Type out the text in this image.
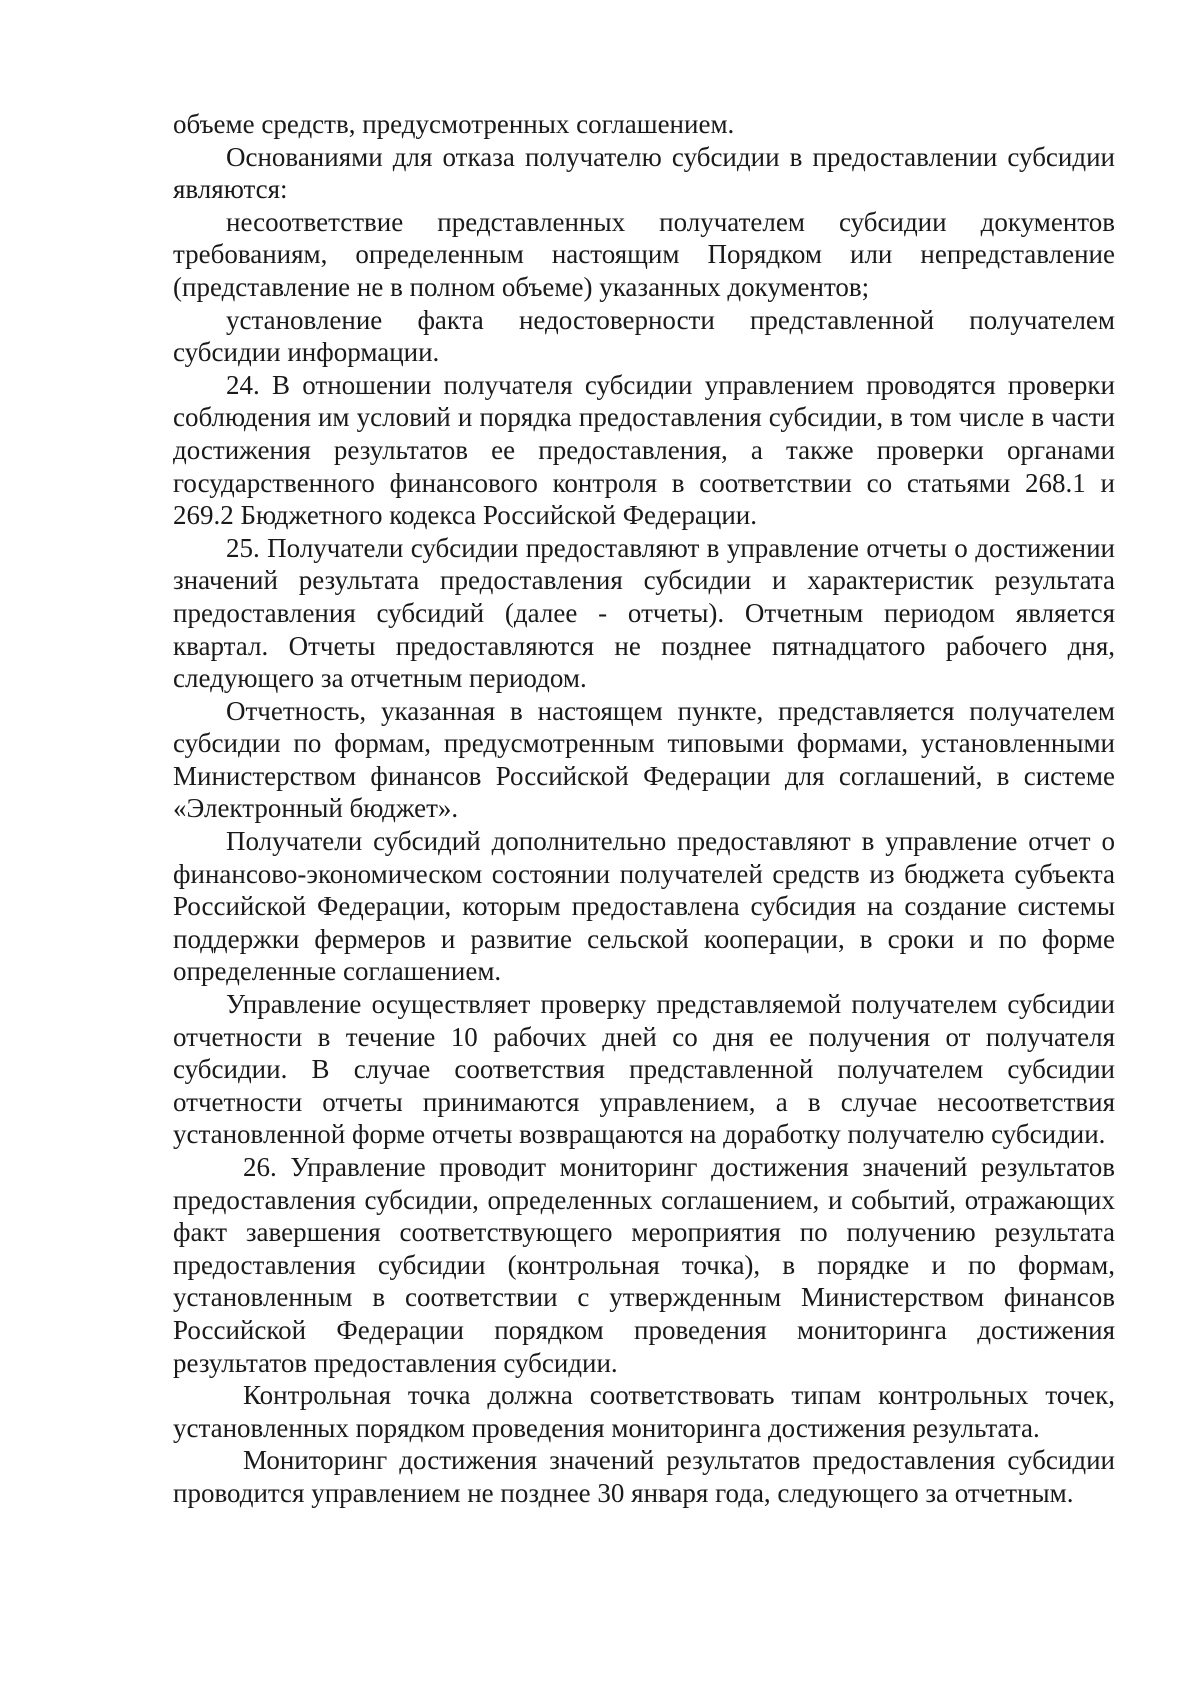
объеме средств, предусмотренных соглашением.

Основаниями для отказа получателю субсидии в предоставлении субсидии являются:

несоответствие представленных получателем субсидии документов требованиям, определенным настоящим Порядком или непредставление (представление не в полном объеме) указанных документов;

установление факта недостоверности представленной получателем субсидии информации.

24. В отношении получателя субсидии управлением проводятся проверки соблюдения им условий и порядка предоставления субсидии, в том числе в части достижения результатов ее предоставления, а также проверки органами государственного финансового контроля в соответствии со статьями 268.1 и 269.2 Бюджетного кодекса Российской Федерации.

25. Получатели субсидии предоставляют в управление отчеты о достижении значений результата предоставления субсидии и характеристик результата предоставления субсидий (далее - отчеты). Отчетным периодом является квартал. Отчеты предоставляются не позднее пятнадцатого рабочего дня, следующего за отчетным периодом.

Отчетность, указанная в настоящем пункте, представляется получателем субсидии по формам, предусмотренным типовыми формами, установленными Министерством финансов Российской Федерации для соглашений, в системе «Электронный бюджет».

Получатели субсидий дополнительно предоставляют в управление отчет о финансово-экономическом состоянии получателей средств из бюджета субъекта Российской Федерации, которым предоставлена субсидия на создание системы поддержки фермеров и развитие сельской кооперации, в сроки и по форме определенные соглашением.

Управление осуществляет проверку представляемой получателем субсидии отчетности в течение 10 рабочих дней со дня ее получения от получателя субсидии. В случае соответствия представленной получателем субсидии отчетности отчеты принимаются управлением, а в случае несоответствия установленной форме отчеты возвращаются на доработку получателю субсидии.

26. Управление проводит мониторинг достижения значений результатов предоставления субсидии, определенных соглашением, и событий, отражающих факт завершения соответствующего мероприятия по получению результата предоставления субсидии (контрольная точка), в порядке и по формам, установленным в соответствии с утвержденным Министерством финансов Российской Федерации порядком проведения мониторинга достижения результатов предоставления субсидии.

Контрольная точка должна соответствовать типам контрольных точек, установленных порядком проведения мониторинга достижения результата.

Мониторинг достижения значений результатов предоставления субсидии проводится управлением не позднее 30 января года, следующего за отчетным.
